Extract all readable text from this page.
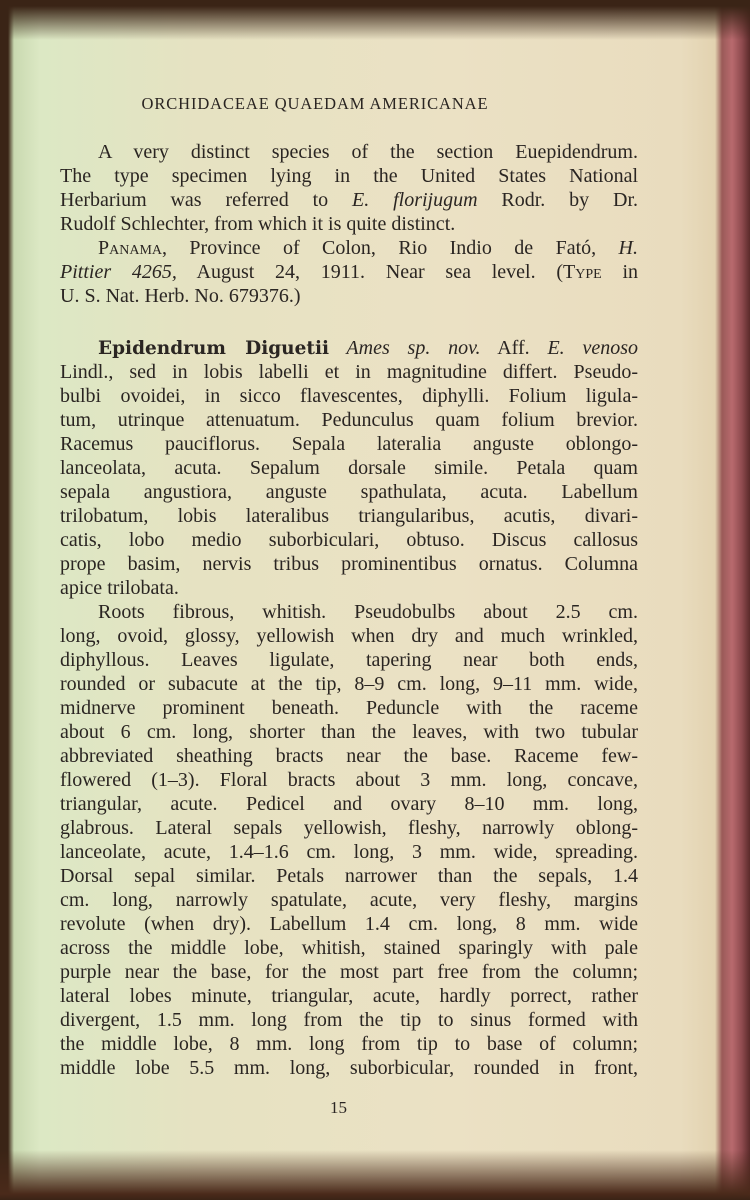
ORCHIDACEAE QUAEDAM AMERICANAE
A very distinct species of the section Euepidendrum.
The type specimen lying in the United States National
Herbarium was referred to E. florijugum Rodr. by Dr.
Rudolf Schlechter, from which it is quite distinct.
Panama, Province of Colon, Rio Indio de Fató, H.
Pittier 4265, August 24, 1911. Near sea level. (Type in
U. S. Nat. Herb. No. 679376.)
Epidendrum Diguetii Ames sp. nov. Aff. E. venoso
Lindl., sed in lobis labelli et in magnitudine differt. Pseudo-
bulbi ovoidei, in sicco flavescentes, diphylli. Folium ligula-
tum, utrinque attenuatum. Pedunculus quam folium brevior.
Racemus pauciflorus. Sepala lateralia anguste oblongo-
lanceolata, acuta. Sepalum dorsale simile. Petala quam
sepala angustiora, anguste spathulata, acuta. Labellum
trilobatum, lobis lateralibus triangularibus, acutis, divari-
catis, lobo medio suborbiculari, obtuso. Discus callosus
prope basim, nervis tribus prominentibus ornatus. Columna
apice trilobata.
Roots fibrous, whitish. Pseudobulbs about 2.5 cm.
long, ovoid, glossy, yellowish when dry and much wrinkled,
diphyllous. Leaves ligulate, tapering near both ends,
rounded or subacute at the tip, 8–9 cm. long, 9–11 mm. wide,
midnerve prominent beneath. Peduncle with the raceme
about 6 cm. long, shorter than the leaves, with two tubular
abbreviated sheathing bracts near the base. Raceme few-
flowered (1–3). Floral bracts about 3 mm. long, concave,
triangular, acute. Pedicel and ovary 8–10 mm. long,
glabrous. Lateral sepals yellowish, fleshy, narrowly oblong-
lanceolate, acute, 1.4–1.6 cm. long, 3 mm. wide, spreading.
Dorsal sepal similar. Petals narrower than the sepals, 1.4
cm. long, narrowly spatulate, acute, very fleshy, margins
revolute (when dry). Labellum 1.4 cm. long, 8 mm. wide
across the middle lobe, whitish, stained sparingly with pale
purple near the base, for the most part free from the column;
lateral lobes minute, triangular, acute, hardly porrect, rather
divergent, 1.5 mm. long from the tip to sinus formed with
the middle lobe, 8 mm. long from tip to base of column;
middle lobe 5.5 mm. long, suborbicular, rounded in front,
15
